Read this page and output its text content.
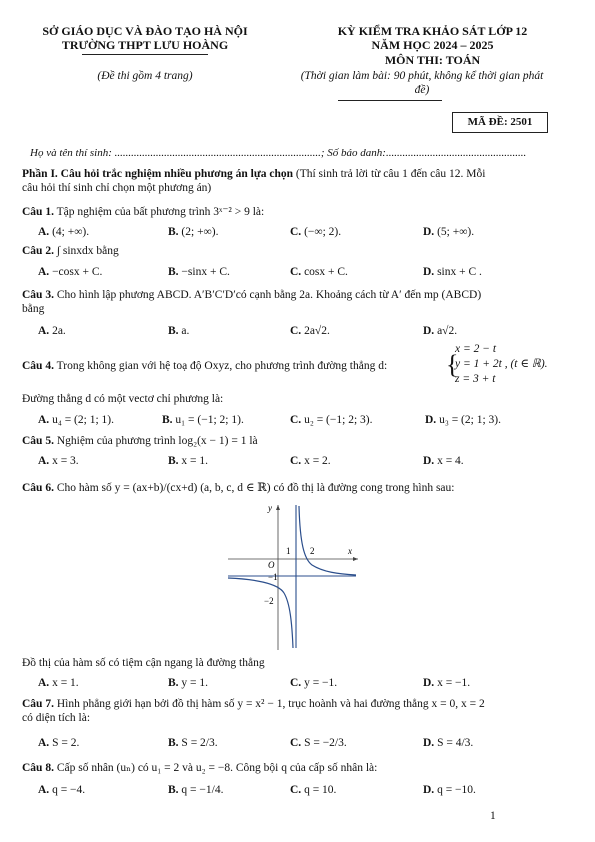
SỞ GIÁO DỤC VÀ ĐÀO TẠO HÀ NỘI
TRƯỜNG THPT LƯU HOÀNG
(Đề thi gồm 4 trang)
KỲ KIỂM TRA KHẢO SÁT LỚP 12
NĂM HỌC 2024 – 2025
MÔN THI: TOÁN
(Thời gian làm bài: 90 phút, không kể thời gian phát
đề)
MÃ ĐỀ: 2501
Họ và tên thí sinh: ...........................................................................; Số báo danh:...................................................
Phần I. Câu hỏi trắc nghiệm nhiều phương án lựa chọn (Thí sinh trả lời từ câu 1 đến câu 12. Mỗi
câu hỏi thí sinh chỉ chọn một phương án)
Câu 1. Tập nghiệm của bất phương trình 3ˣ⁻² > 9 là:
A. (4; +∞).	B. (2; +∞).	C. (−∞; 2).	D. (5; +∞).
Câu 2. ∫ sinxdx bằng
A. −cosx + C.	B. −sinx + C.	C. cosx + C.	D. sinx + C .
Câu 3. Cho hình lập phương ABCD. A′B′C′D′có cạnh bằng 2a. Khoảng cách từ A′ đến mp (ABCD)
bằng
A. 2a.	B. a.	C. 2a√2.	D. a√2.
Câu 4. Trong không gian với hệ toạ độ Oxyz, cho phương trình đường thẳng d: {
x = 2 − t
y = 1 + 2t , (t ∈ ℝ).
z = 3 + t
Đường thẳng d có một vectơ chỉ phương là:
A. u₄ = (2; 1; 1).	B. u₁ = (−1; 2; 1).	C. u₂ = (−1; 2; 3).	D. u₃ = (2; 1; 3).
Câu 5. Nghiệm của phương trình log₂(x − 1) = 1 là
A. x = 3.	B. x = 1.	C. x = 2.	D. x = 4.
Câu 6. Cho hàm số y = (ax+b)/(cx+d) (a, b, c, d ∈ ℝ) có đồ thị là đường cong trong hình sau:
y
x
O
1 2
−1
−2
Đồ thị của hàm số có tiệm cận ngang là đường thẳng
A. x = 1.	B. y = 1.	C. y = −1.	D. x = −1.
Câu 7. Hình phẳng giới hạn bởi đồ thị hàm số y = x² − 1, trục hoành và hai đường thẳng x = 0, x = 2
có diện tích là:
A. S = 2.	B. S = 2/3.	C. S = −2/3.	D. S = 4/3.
Câu 8. Cấp số nhân (uₙ) có u₁ = 2 và u₂ = −8. Công bội q của cấp số nhân là:
A. q = −4.	B. q = −1/4.	C. q = 10.	D. q = −10.
1
